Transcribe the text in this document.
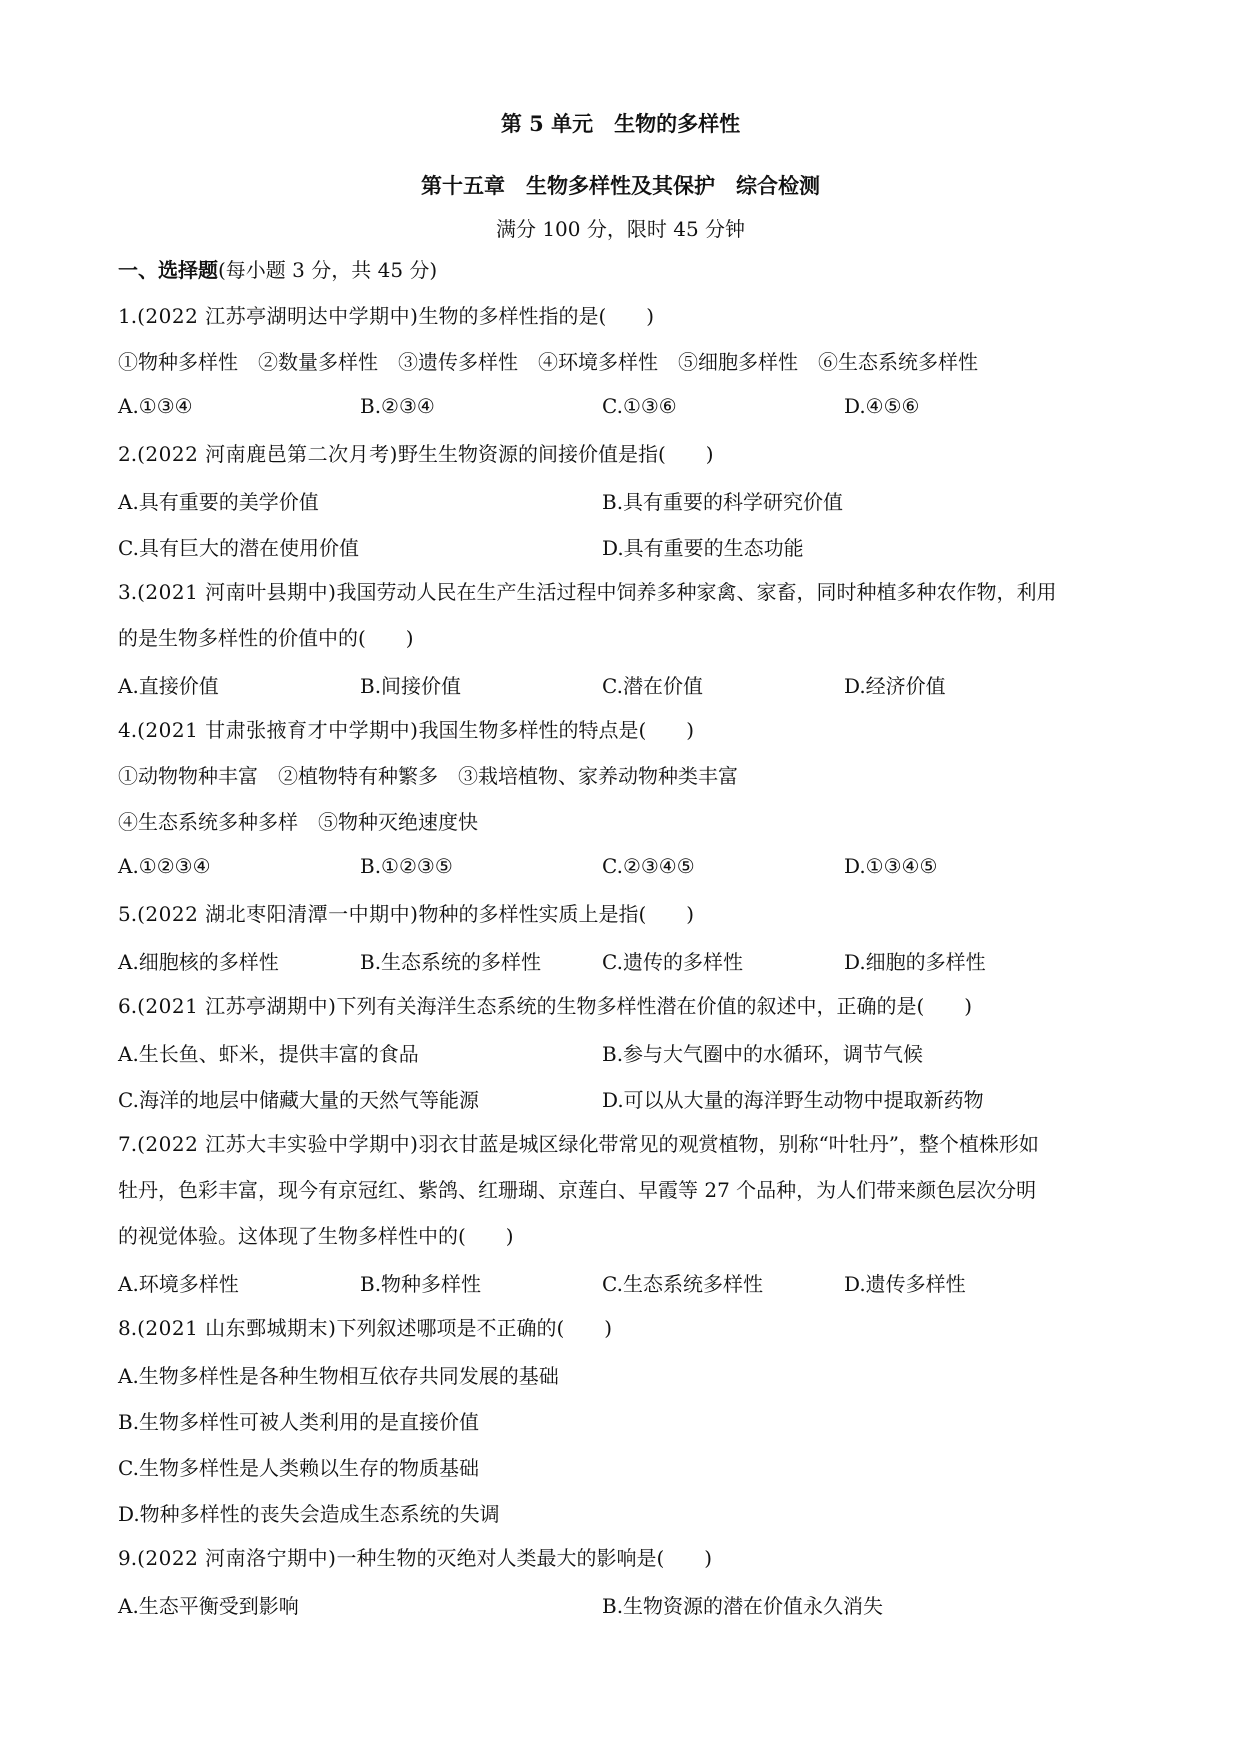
第 5 单元　生物的多样性
第十五章　生物多样性及其保护　综合检测
满分 100 分，限时 45 分钟
一、选择题(每小题 3 分，共 45 分)
1.(2022 江苏亭湖明达中学期中)生物的多样性指的是(　　)
①物种多样性　②数量多样性　③遗传多样性　④环境多样性　⑤细胞多样性　⑥生态系统多样性
A.①③④	B.②③④	C.①③⑥	D.④⑤⑥
2.(2022 河南鹿邑第二次月考)野生生物资源的间接价值是指(　　)
A.具有重要的美学价值	B.具有重要的科学研究价值
C.具有巨大的潜在使用价值	D.具有重要的生态功能
3.(2021 河南叶县期中)我国劳动人民在生产生活过程中饲养多种家禽、家畜，同时种植多种农作物，利用
的是生物多样性的价值中的(　　)
A.直接价值	B.间接价值	C.潜在价值	D.经济价值
4.(2021 甘肃张掖育才中学期中)我国生物多样性的特点是(　　)
①动物物种丰富　②植物特有种繁多　③栽培植物、家养动物种类丰富
④生态系统多种多样　⑤物种灭绝速度快
A.①②③④	B.①②③⑤	C.②③④⑤	D.①③④⑤
5.(2022 湖北枣阳清潭一中期中)物种的多样性实质上是指(　　)
A.细胞核的多样性	B.生态系统的多样性	C.遗传的多样性	D.细胞的多样性
6.(2021 江苏亭湖期中)下列有关海洋生态系统的生物多样性潜在价值的叙述中，正确的是(　　)
A.生长鱼、虾米，提供丰富的食品	B.参与大气圈中的水循环，调节气候
C.海洋的地层中储藏大量的天然气等能源	D.可以从大量的海洋野生动物中提取新药物
7.(2022 江苏大丰实验中学期中)羽衣甘蓝是城区绿化带常见的观赏植物，别称“叶牡丹”，整个植株形如
牡丹，色彩丰富，现今有京冠红、紫鸽、红珊瑚、京莲白、早霞等 27 个品种，为人们带来颜色层次分明
的视觉体验。这体现了生物多样性中的(　　)
A.环境多样性	B.物种多样性	C.生态系统多样性	D.遗传多样性
8.(2021 山东鄄城期末)下列叙述哪项是不正确的(　　)
A.生物多样性是各种生物相互依存共同发展的基础
B.生物多样性可被人类利用的是直接价值
C.生物多样性是人类赖以生存的物质基础
D.物种多样性的丧失会造成生态系统的失调
9.(2022 河南洛宁期中)一种生物的灭绝对人类最大的影响是(　　)
A.生态平衡受到影响	B.生物资源的潜在价值永久消失
